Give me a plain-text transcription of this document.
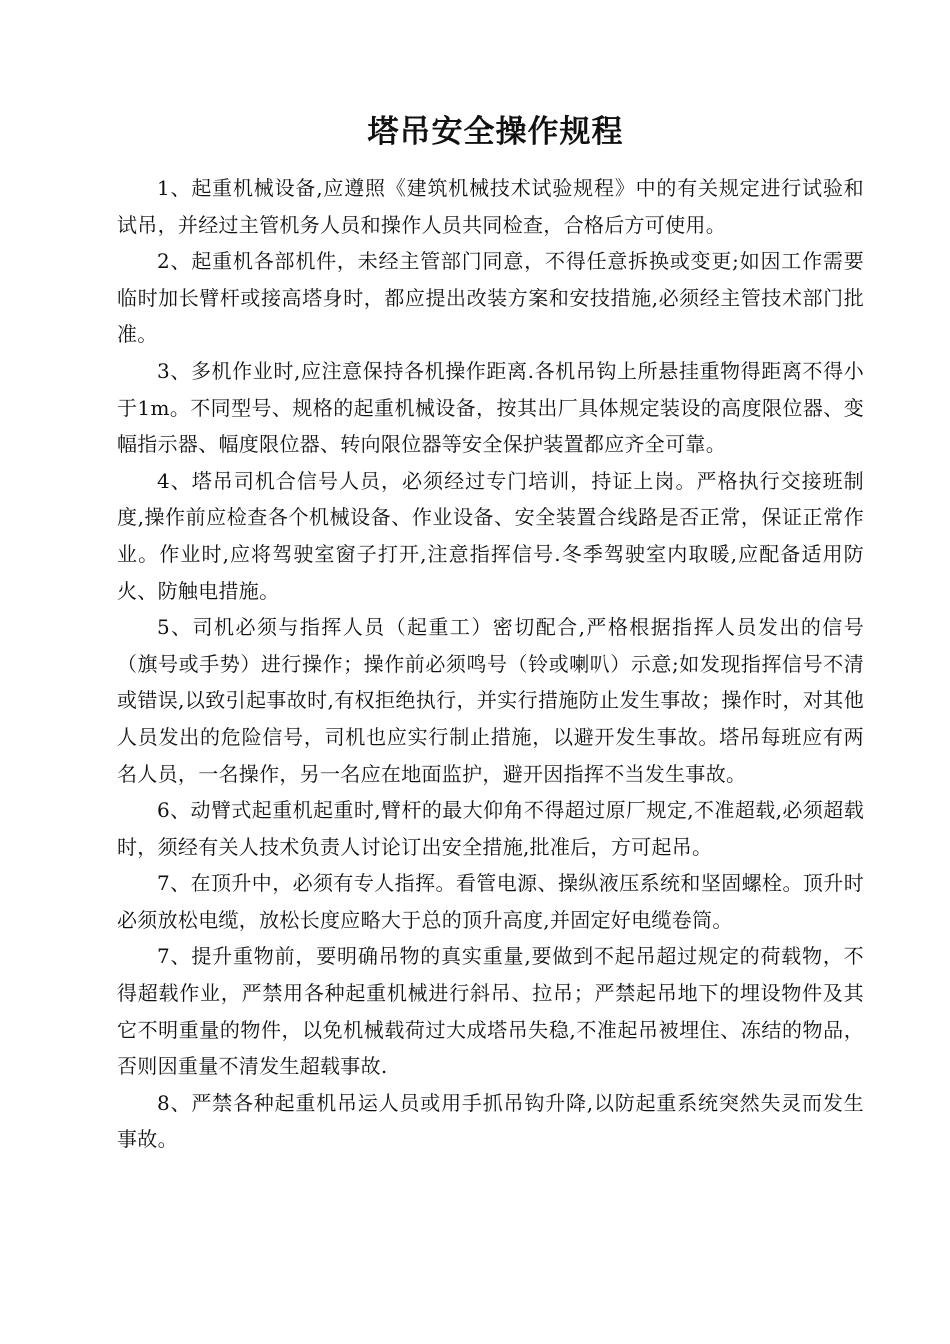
塔吊安全操作规程

1、起重机械设备,应遵照《建筑机械技术试验规程》中的有关规定进行试验和试吊，并经过主管机务人员和操作人员共同检查，合格后方可使用。

2、起重机各部机件，未经主管部门同意，不得任意拆换或变更;如因工作需要临时加长臂杆或接高塔身时，都应提出改装方案和安技措施,必须经主管技术部门批准。

3、多机作业时,应注意保持各机操作距离.各机吊钩上所悬挂重物得距离不得小于1m。不同型号、规格的起重机械设备，按其出厂具体规定装设的高度限位器、变幅指示器、幅度限位器、转向限位器等安全保护装置都应齐全可靠。

4、塔吊司机合信号人员，必须经过专门培训，持证上岗。严格执行交接班制度,操作前应检查各个机械设备、作业设备、安全装置合线路是否正常，保证正常作业。作业时,应将驾驶室窗子打开,注意指挥信号.冬季驾驶室内取暖,应配备适用防火、防触电措施。

5、司机必须与指挥人员（起重工）密切配合,严格根据指挥人员发出的信号（旗号或手势）进行操作；操作前必须鸣号（铃或喇叭）示意;如发现指挥信号不清或错误,以致引起事故时,有权拒绝执行，并实行措施防止发生事故；操作时，对其他人员发出的危险信号，司机也应实行制止措施，以避开发生事故。塔吊每班应有两名人员，一名操作，另一名应在地面监护，避开因指挥不当发生事故。

6、动臂式起重机起重时,臂杆的最大仰角不得超过原厂规定,不准超载,必须超载时，须经有关人技术负责人讨论订出安全措施,批准后，方可起吊。

7、在顶升中，必须有专人指挥。看管电源、操纵液压系统和坚固螺栓。顶升时必须放松电缆，放松长度应略大于总的顶升高度,并固定好电缆卷筒。

7、提升重物前，要明确吊物的真实重量,要做到不起吊超过规定的荷载物，不得超载作业，严禁用各种起重机械进行斜吊、拉吊；严禁起吊地下的埋设物件及其它不明重量的物件，以免机械载荷过大成塔吊失稳,不准起吊被埋住、冻结的物品，否则因重量不清发生超载事故.

8、严禁各种起重机吊运人员或用手抓吊钩升降,以防起重系统突然失灵而发生事故。
